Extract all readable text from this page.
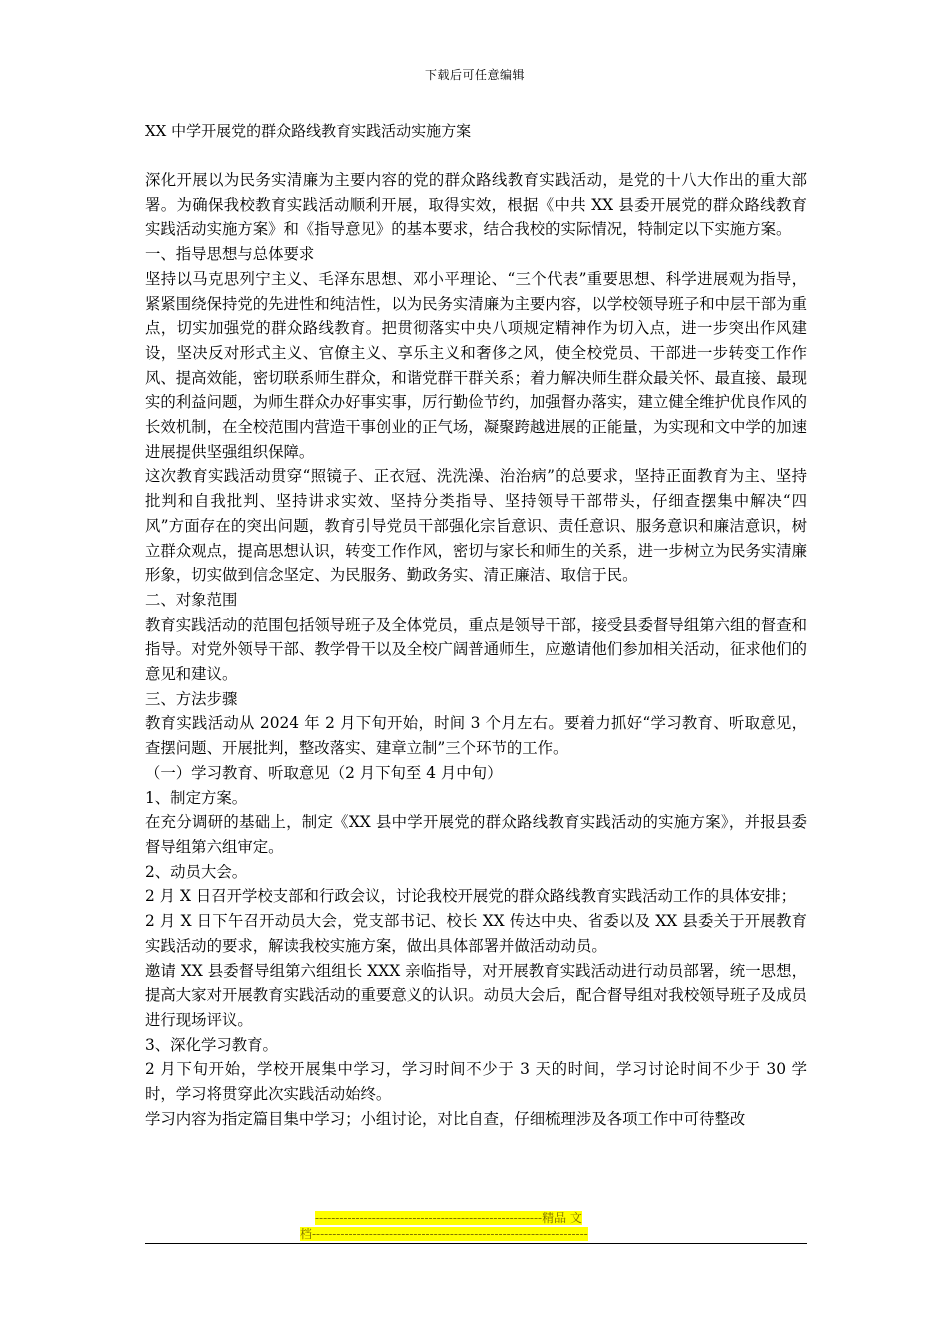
下载后可任意编辑
XX 中学开展党的群众路线教育实践活动实施方案

深化开展以为民务实清廉为主要内容的党的群众路线教育实践活动，是党的十八大作出的重大部署。为确保我校教育实践活动顺利开展，取得实效，根据《中共 XX 县委开展党的群众路线教育实践活动实施方案》和《指导意见》的基本要求，结合我校的实际情况，特制定以下实施方案。

一、指导思想与总体要求

坚持以马克思列宁主义、毛泽东思想、邓小平理论、“三个代表”重要思想、科学进展观为指导，紧紧围绕保持党的先进性和纯洁性，以为民务实清廉为主要内容，以学校领导班子和中层干部为重点，切实加强党的群众路线教育。把贯彻落实中央八项规定精神作为切入点，进一步突出作风建设，坚决反对形式主义、官僚主义、享乐主义和奢侈之风，使全校党员、干部进一步转变工作作风、提高效能，密切联系师生群众，和谐党群干群关系；着力解决师生群众最关怀、最直接、最现实的利益问题，为师生群众办好事实事，厉行勤俭节约，加强督办落实，建立健全维护优良作风的长效机制，在全校范围内营造干事创业的正气场，凝聚跨越进展的正能量，为实现和文中学的加速进展提供坚强组织保障。

这次教育实践活动贯穿“照镜子、正衣冠、洗洗澡、治治病”的总要求，坚持正面教育为主、坚持批判和自我批判、坚持讲求实效、坚持分类指导、坚持领导干部带头，仔细查摆集中解决“四风”方面存在的突出问题，教育引导党员干部强化宗旨意识、责任意识、服务意识和廉洁意识，树立群众观点，提高思想认识，转变工作作风，密切与家长和师生的关系，进一步树立为民务实清廉形象，切实做到信念坚定、为民服务、勤政务实、清正廉洁、取信于民。

二、对象范围

教育实践活动的范围包括领导班子及全体党员，重点是领导干部，接受县委督导组第六组的督查和指导。对党外领导干部、教学骨干以及全校广阔普通师生，应邀请他们参加相关活动，征求他们的意见和建议。

三、方法步骤

教育实践活动从 2024 年 2 月下旬开始，时间 3 个月左右。要着力抓好“学习教育、听取意见，查摆问题、开展批判，整改落实、建章立制”三个环节的工作。

（一）学习教育、听取意见（2 月下旬至 4 月中旬）

1、制定方案。

在充分调研的基础上，制定《XX 县中学开展党的群众路线教育实践活动的实施方案》，并报县委督导组第六组审定。

2、动员大会。

2 月 X 日召开学校支部和行政会议，讨论我校开展党的群众路线教育实践活动工作的具体安排；

2 月 X 日下午召开动员大会，党支部书记、校长 XX 传达中央、省委以及 XX 县委关于开展教育实践活动的要求，解读我校实施方案，做出具体部署并做活动动员。

邀请 XX 县委督导组第六组组长 XXX 亲临指导，对开展教育实践活动进行动员部署，统一思想，提高大家对开展教育实践活动的重要意义的认识。动员大会后，配合督导组对我校领导班子及成员进行现场评议。

3、深化学习教育。

2 月下旬开始，学校开展集中学习，学习时间不少于 3 天的时间，学习讨论时间不少于 30 学时，学习将贯穿此次实践活动始终。

学习内容为指定篇目集中学习；小组讨论，对比自查，仔细梳理涉及各项工作中可待整改

--------------------------------------------------------精品 文
档--------------------------------------------------------------------
